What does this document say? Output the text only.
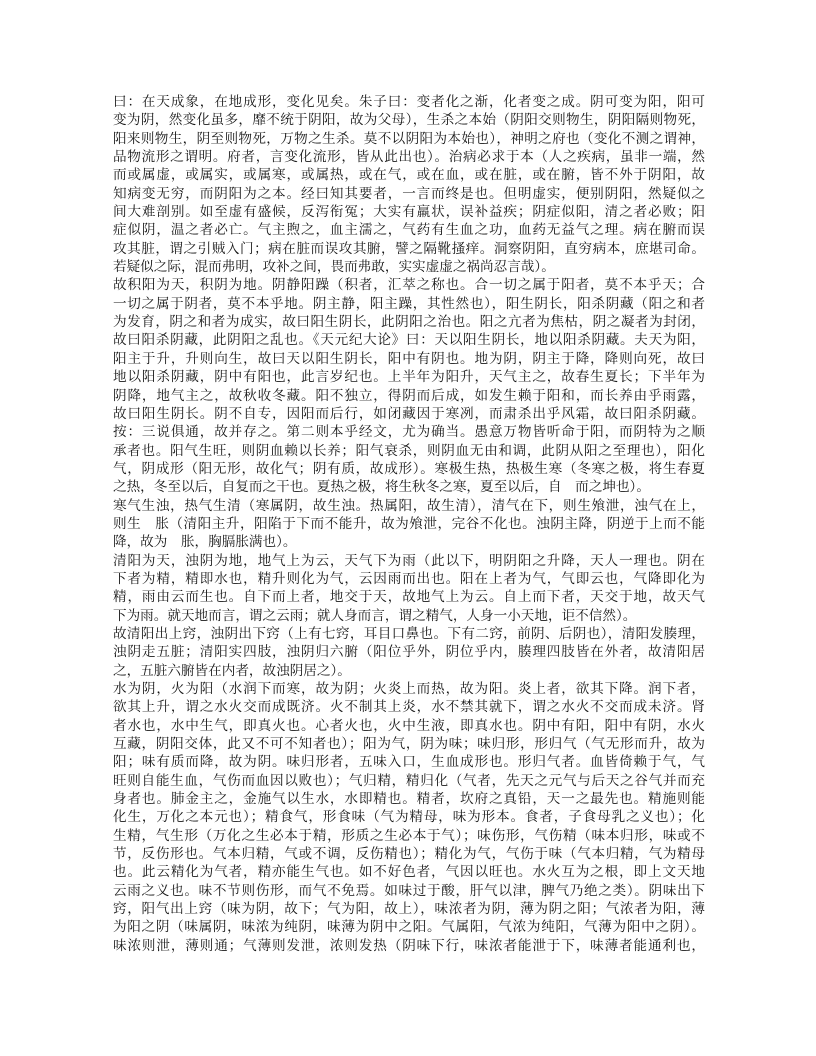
曰：在天成象，在地成形，变化见矣。朱子曰：变者化之渐，化者变之成。阴可变为阳，阳可
变为阴，然变化虽多，靡不统于阴阳，故为父母），生杀之本始（阴阳交则物生，阴阳隔则物死，
阳来则物生，阴至则物死，万物之生杀。莫不以阴阳为本始也），神明之府也（变化不测之谓神，
品物流形之谓明。府者，言变化流形，皆从此出也）。治病必求于本（人之疾病，虽非一端，然
而或属虚，或属实，或属寒，或属热，或在气，或在血，或在脏，或在腑，皆不外于阴阳，故
知病变无穷，而阴阳为之本。经曰知其要者，一言而终是也。但明虚实，便别阴阳，然疑似之
间大难剖别。如至虚有盛候，反泻衔冤；大实有羸状，误补益疾；阴症似阳，清之者必败；阳
症似阴，温之者必亡。气主煦之，血主濡之，气药有生血之功，血药无益气之理。病在腑而误
攻其脏，谓之引贼入门；病在脏而误攻其腑，譬之隔靴搔痒。洞察阴阳，直穷病本，庶堪司命。
若疑似之际，混而弗明，攻补之间，畏而弗敢，实实虚虚之祸尚忍言哉）。
故积阳为天，积阴为地。阴静阳躁（积者，汇萃之称也。合一切之属于阳者，莫不本乎天；合
一切之属于阴者，莫不本乎地。阴主静，阳主躁，其性然也），阳生阴长，阳杀阴藏（阳之和者
为发育，阴之和者为成实，故曰阳生阴长，此阴阳之治也。阳之亢者为焦枯，阴之凝者为封闭，
故曰阳杀阴藏，此阴阳之乱也。《天元纪大论》曰：天以阳生阴长，地以阳杀阴藏。夫天为阳，
阳主于升，升则向生，故曰天以阳生阴长，阳中有阴也。地为阴，阴主于降，降则向死，故曰
地以阳杀阴藏，阴中有阳也，此言岁纪也。上半年为阳升，天气主之，故春生夏长；下半年为
阴降，地气主之，故秋收冬藏。阳不独立，得阴而后成，如发生赖于阳和，而长养由乎雨露，
故曰阳生阴长。阴不自专，因阳而后行，如闭藏因于寒冽，而肃杀出乎风霜，故曰阳杀阴藏。
按：三说俱通，故并存之。第二则本乎经文，尤为确当。愚意万物皆听命于阳，而阴特为之顺
承者也。阳气生旺，则阴血赖以长养；阳气衰杀，则阴血无由和调，此阴从阳之至理也），阳化
气，阴成形（阳无形，故化气；阴有质，故成形）。寒极生热，热极生寒（冬寒之极，将生春夏
之热，冬至以后，自复而之干也。夏热之极，将生秋冬之寒，夏至以后，自　而之坤也）。
寒气生浊，热气生清（寒属阴，故生浊。热属阳，故生清），清气在下，则生飧泄，浊气在上，
则生　胀（清阳主升，阳陷于下而不能升，故为飧泄，完谷不化也。浊阴主降，阴逆于上而不能
降，故为　胀，胸膈胀满也）。
清阳为天，浊阴为地，地气上为云，天气下为雨（此以下，明阴阳之升降，天人一理也。阴在
下者为精，精即水也，精升则化为气，云因雨而出也。阳在上者为气，气即云也，气降即化为
精，雨由云而生也。自下而上者，地交于天，故地气上为云。自上而下者，天交于地，故天气
下为雨。就天地而言，谓之云雨；就人身而言，谓之精气，人身一小天地，讵不信然）。
故清阳出上窍，浊阴出下窍（上有七窍，耳目口鼻也。下有二窍，前阴、后阴也），清阳发腠理，
浊阴走五脏；清阳实四肢，浊阴归六腑（阳位乎外，阴位乎内，腠理四肢皆在外者，故清阳居
之，五脏六腑皆在内者，故浊阴居之）。
水为阴，火为阳（水润下而寒，故为阴；火炎上而热，故为阳。炎上者，欲其下降。润下者，
欲其上升，谓之水火交而成既济。火不制其上炎，水不禁其就下，谓之水火不交而成未济。肾
者水也，水中生气，即真火也。心者火也，火中生液，即真水也。阴中有阳，阳中有阴，水火
互藏，阴阳交体，此又不可不知者也）；阳为气，阴为味；味归形，形归气（气无形而升，故为
阳；味有质而降，故为阴。味归形者，五味入口，生血成形也。形归气者。血皆倚赖于气，气
旺则自能生血，气伤而血因以败也）；气归精，精归化（气者，先天之元气与后天之谷气并而充
身者也。肺金主之，金施气以生水，水即精也。精者，坎府之真铅，天一之最先也。精施则能
化生，万化之本元也）；精食气，形食味（气为精母，味为形本。食者，子食母乳之义也）；化
生精，气生形（万化之生必本于精，形质之生必本于气）；味伤形，气伤精（味本归形，味或不
节，反伤形也。气本归精，气或不调，反伤精也）；精化为气，气伤于味（气本归精，气为精母
也。此云精化为气者，精亦能生气也。如不好色者，气因以旺也。水火互为之根，即上文天地
云雨之义也。味不节则伤形，而气不免焉。如味过于酸，肝气以津，脾气乃绝之类）。阴味出下
窍，阳气出上窍（味为阴，故下；气为阳，故上），味浓者为阴，薄为阴之阳；气浓者为阳，薄
为阳之阴（味属阴，味浓为纯阴，味薄为阴中之阳。气属阳，气浓为纯阳，气薄为阳中之阴）。
味浓则泄，薄则通；气薄则发泄，浓则发热（阴味下行，味浓者能泄于下，味薄者能通利也，
